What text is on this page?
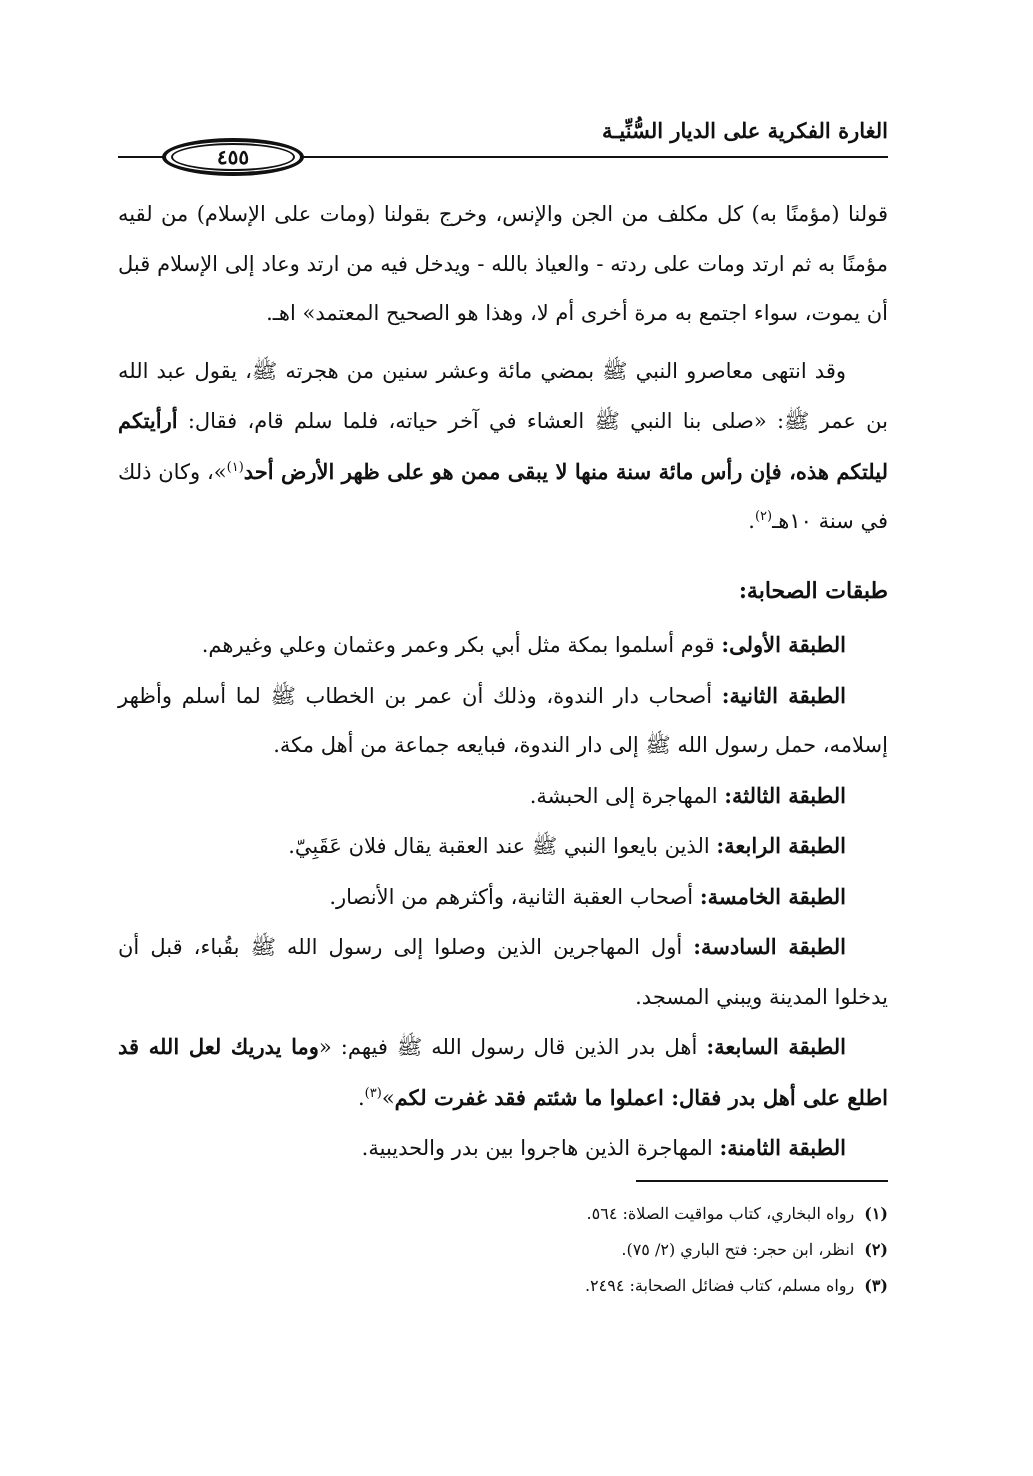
الغارة الفكرية على الديار السُّنِّيـة
٤٥٥

قولنا (مؤمنًا به) كل مكلف من الجن والإنس، وخرج بقولنا (ومات على الإسلام) من لقيه مؤمنًا به ثم ارتد ومات على ردته - والعياذ بالله - ويدخل فيه من ارتد وعاد إلى الإسلام قبل أن يموت، سواء اجتمع به مرة أخرى أم لا، وهذا هو الصحيح المعتمد» اهـ.

وقد انتهى معاصرو النبي ﷺ بمضي مائة وعشر سنين من هجرته ﷺ، يقول عبد الله بن عمر ﷺ: «صلى بنا النبي ﷺ العشاء في آخر حياته، فلما سلم قام، فقال: أرأيتكم ليلتكم هذه، فإن رأس مائة سنة منها لا يبقى ممن هو على ظهر الأرض أحد$^{(١)}$»، وكان ذلك في سنة ١٠هـ$^{(٢)}$.

طبقات الصحابة:

الطبقة الأولى: قوم أسلموا بمكة مثل أبي بكر وعمر وعثمان وعلي وغيرهم.

الطبقة الثانية: أصحاب دار الندوة، وذلك أن عمر بن الخطاب ﷺ لما أسلم وأظهر إسلامه، حمل رسول الله ﷺ إلى دار الندوة، فبايعه جماعة من أهل مكة.

الطبقة الثالثة: المهاجرة إلى الحبشة.

الطبقة الرابعة: الذين بايعوا النبي ﷺ عند العقبة يقال فلان عَقَبِيّ.

الطبقة الخامسة: أصحاب العقبة الثانية، وأكثرهم من الأنصار.

الطبقة السادسة: أول المهاجرين الذين وصلوا إلى رسول الله ﷺ بقُباء، قبل أن يدخلوا المدينة ويبني المسجد.

الطبقة السابعة: أهل بدر الذين قال رسول الله ﷺ فيهم: «وما يدريك لعل الله قد اطلع على أهل بدر فقال: اعملوا ما شئتم فقد غفرت لكم»$^{(٣)}$.

الطبقة الثامنة: المهاجرة الذين هاجروا بين بدر والحديبية.

(١)رواه البخاري، كتاب مواقيت الصلاة: ٥٦٤.

(٢)انظر، ابن حجر: فتح الباري (٢/ ٧٥).

(٣)رواه مسلم، كتاب فضائل الصحابة: ٢٤٩٤.
